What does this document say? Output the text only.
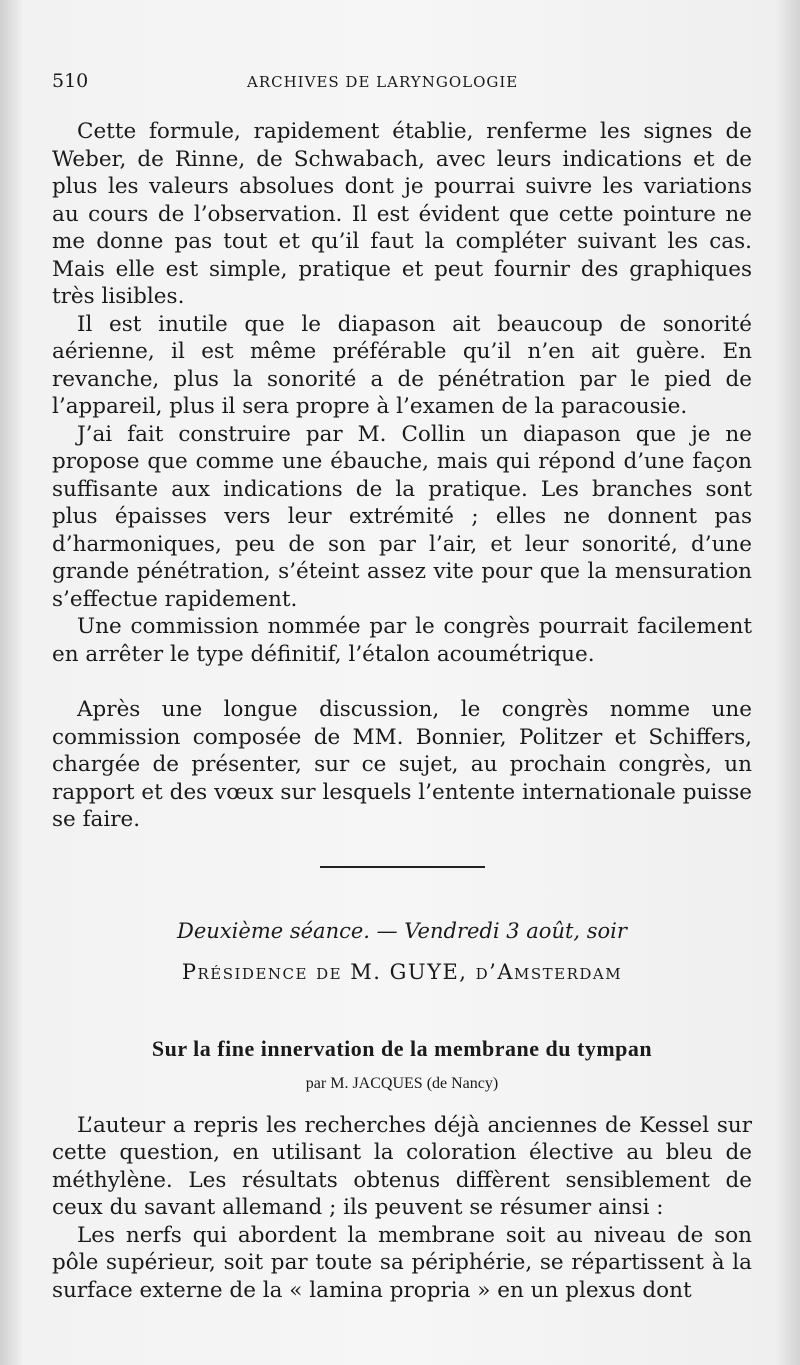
510	ARCHIVES DE LARYNGOLOGIE

Cette formule, rapidement établie, renferme les signes de Weber, de Rinne, de Schwabach, avec leurs indications et de plus les valeurs absolues dont je pourrai suivre les variations au cours de l’observation. Il est évident que cette pointure ne me donne pas tout et qu’il faut la compléter suivant les cas. Mais elle est simple, pratique et peut fournir des graphiques très lisibles.

Il est inutile que le diapason ait beaucoup de sonorité aérienne, il est même préférable qu’il n’en ait guère. En revanche, plus la sonorité a de pénétration par le pied de l’appareil, plus il sera propre à l’examen de la paracousie.

J’ai fait construire par M. Collin un diapason que je ne propose que comme une ébauche, mais qui répond d’une façon suffisante aux indications de la pratique. Les branches sont plus épaisses vers leur extrémité ; elles ne donnent pas d’harmoniques, peu de son par l’air, et leur sonorité, d’une grande pénétration, s’éteint assez vite pour que la mensuration s’effectue rapidement.

Une commission nommée par le congrès pourrait facilement en arrêter le type définitif, l’étalon acoumétrique.

Après une longue discussion, le congrès nomme une commission composée de MM. Bonnier, Politzer et Schiffers, chargée de présenter, sur ce sujet, au prochain congrès, un rapport et des vœux sur lesquels l’entente internationale puisse se faire.

Deuxième séance. — Vendredi 3 août, soir

Présidence de M. GUYE, d’Amsterdam

Sur la fine innervation de la membrane du tympan

par M. JACQUES (de Nancy)

L’auteur a repris les recherches déjà anciennes de Kessel sur cette question, en utilisant la coloration élective au bleu de méthylène. Les résultats obtenus diffèrent sensiblement de ceux du savant allemand ; ils peuvent se résumer ainsi :

Les nerfs qui abordent la membrane soit au niveau de son pôle supérieur, soit par toute sa périphérie, se répartissent à la surface externe de la « lamina propria » en un plexus dont
